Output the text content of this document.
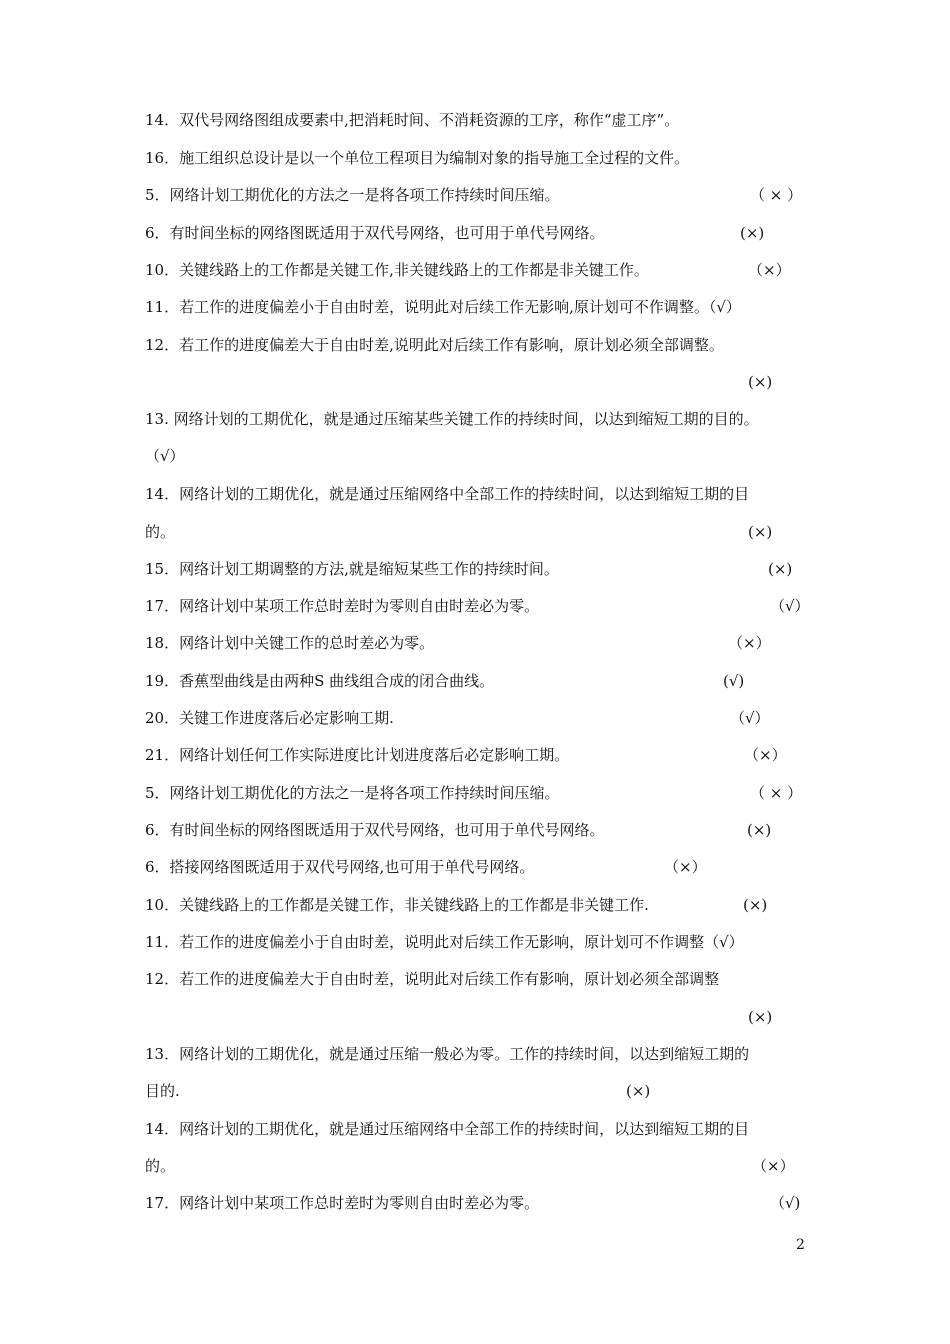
14．双代号网络图组成要素中,把消耗时间、不消耗资源的工序，称作“虚工序”。
16．施工组织总设计是以一个单位工程项目为编制对象的指导施工全过程的文件。
5．网络计划工期优化的方法之一是将各项工作持续时间压缩。	（ × ）
6．有时间坐标的网络图既适用于双代号网络，也可用于单代号网络。	(×)
10．关键线路上的工作都是关键工作,非关键线路上的工作都是非关键工作。	（×）
11．若工作的进度偏差小于自由时差，说明此对后续工作无影响,原计划可不作调整。（√）
12．若工作的进度偏差大于自由时差,说明此对后续工作有影响，原计划必须全部调整。
(×)
13. 网络计划的工期优化，就是通过压缩某些关键工作的持续时间，以达到缩短工期的目的。
（√）
14．网络计划的工期优化，就是通过压缩网络中全部工作的持续时间，以达到缩短工期的目
的。	(×)
15．网络计划工期调整的方法,就是缩短某些工作的持续时间。	(×)
17．网络计划中某项工作总时差时为零则自由时差必为零。	（√）
18．网络计划中关键工作的总时差必为零。	（×）
19．香蕉型曲线是由两种S 曲线组合成的闭合曲线。	(√)
20．关键工作进度落后必定影响工期.	（√）
21．网络计划任何工作实际进度比计划进度落后必定影响工期。	（×）
5．网络计划工期优化的方法之一是将各项工作持续时间压缩。	（ × ）
6．有时间坐标的网络图既适用于双代号网络，也可用于单代号网络。	(×)
6．搭接网络图既适用于双代号网络,也可用于单代号网络。	（×）
10．关键线路上的工作都是关键工作，非关键线路上的工作都是非关键工作.	(×)
11．若工作的进度偏差小于自由时差，说明此对后续工作无影响，原计划可不作调整（√）
12．若工作的进度偏差大于自由时差，说明此对后续工作有影响，原计划必须全部调整
(×)
13．网络计划的工期优化，就是通过压缩一般必为零。工作的持续时间，以达到缩短工期的
目的.	(×)
14．网络计划的工期优化，就是通过压缩网络中全部工作的持续时间，以达到缩短工期的目
的。	（×）
17．网络计划中某项工作总时差时为零则自由时差必为零。	（√)
2
